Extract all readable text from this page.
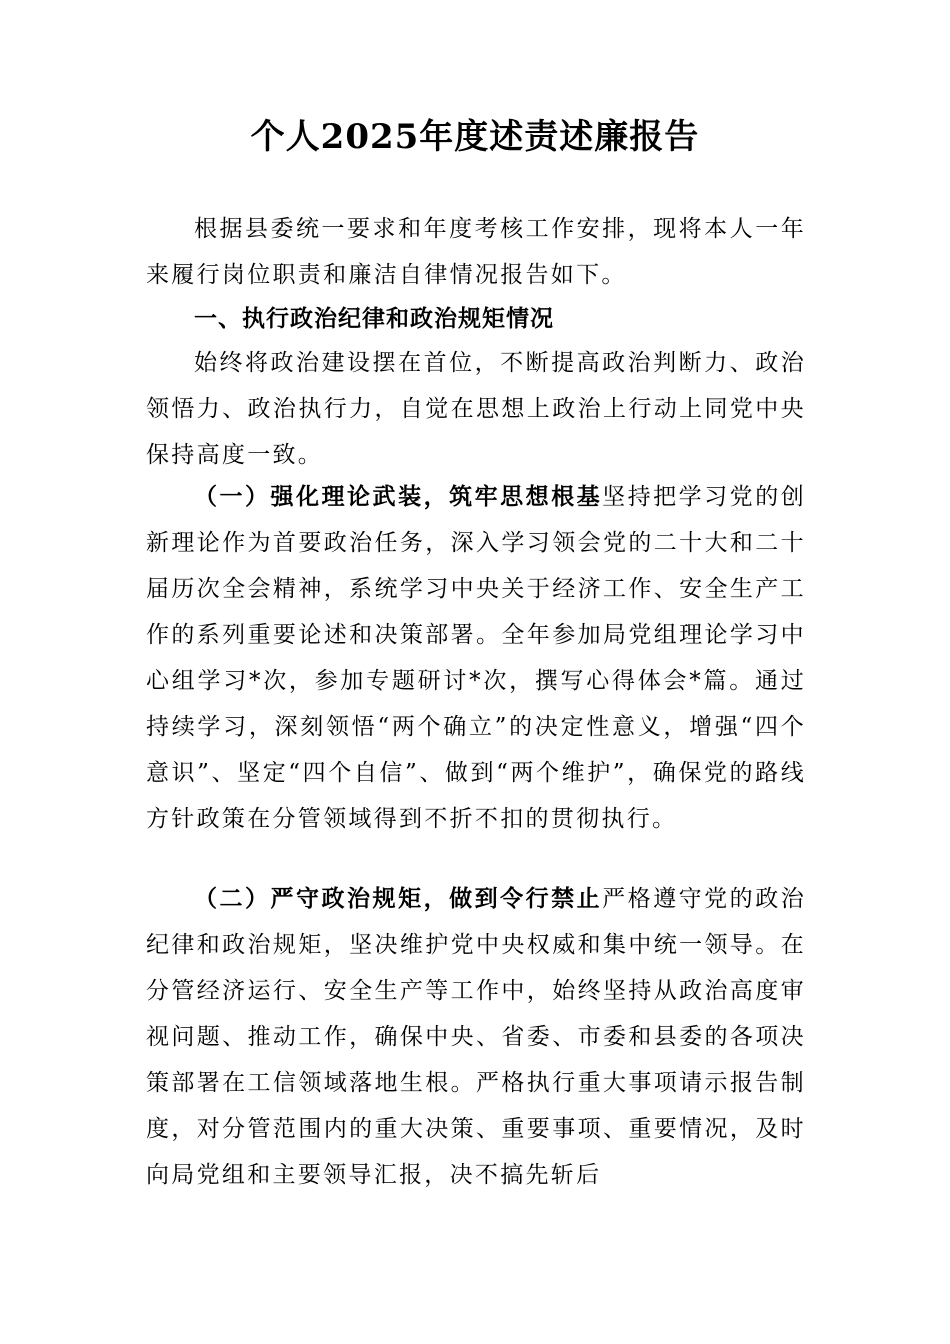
个人2025年度述责述廉报告

根据县委统一要求和年度考核工作安排，现将本人一年来履行岗位职责和廉洁自律情况报告如下。

一、执行政治纪律和政治规矩情况

始终将政治建设摆在首位，不断提高政治判断力、政治领悟力、政治执行力，自觉在思想上政治上行动上同党中央保持高度一致。

（一）强化理论武装，筑牢思想根基坚持把学习党的创新理论作为首要政治任务，深入学习领会党的二十大和二十届历次全会精神，系统学习中央关于经济工作、安全生产工作的系列重要论述和决策部署。全年参加局党组理论学习中心组学习*次，参加专题研讨*次，撰写心得体会*篇。通过持续学习，深刻领悟“两个确立”的决定性意义，增强“四个意识”、坚定“四个自信”、做到“两个维护”，确保党的路线方针政策在分管领域得到不折不扣的贯彻执行。

（二）严守政治规矩，做到令行禁止严格遵守党的政治纪律和政治规矩，坚决维护党中央权威和集中统一领导。在分管经济运行、安全生产等工作中，始终坚持从政治高度审视问题、推动工作，确保中央、省委、市委和县委的各项决策部署在工信领域落地生根。严格执行重大事项请示报告制度，对分管范围内的重大决策、重要事项、重要情况，及时向局党组和主要领导汇报，决不搞先斩后
